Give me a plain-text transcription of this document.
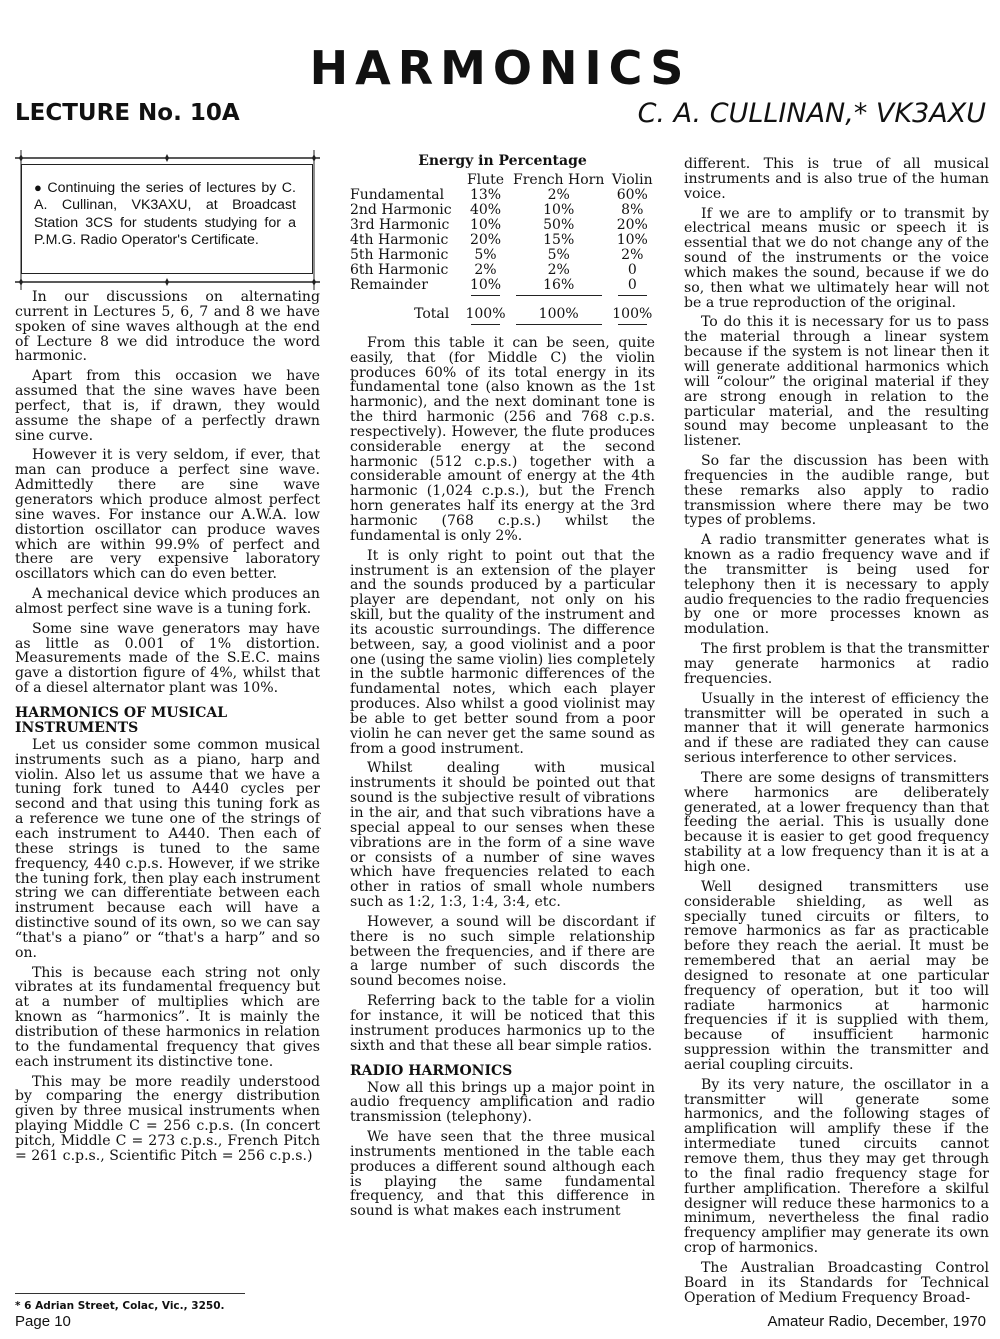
HARMONICS
LECTURE No. 10A	C. A. CULLINAN,* VK3AXU
● Continuing the series of lectures by C. A. Cullinan, VK3AXU, at Broadcast Station 3CS for students studying for a P.M.G. Radio Operator's Certificate.

In our discussions on alternating current in Lectures 5, 6, 7 and 8 we have spoken of sine waves although at the end of Lecture 8 we did introduce the word harmonic.

Apart from this occasion we have assumed that the sine waves have been perfect, that is, if drawn, they would assume the shape of a perfectly drawn sine curve.

However it is very seldom, if ever, that man can produce a perfect sine wave. Admittedly there are sine wave generators which produce almost perfect sine waves. For instance our A.W.A. low distortion oscillator can produce waves which are within 99.9% of perfect and there are very expensive laboratory oscillators which can do even better.

A mechanical device which produces an almost perfect sine wave is a tuning fork.

Some sine wave generators may have as little as 0.001 of 1% distortion. Measurements made of the S.E.C. mains gave a distortion figure of 4%, whilst that of a diesel alternator plant was 10%.

HARMONICS OF MUSICAL INSTRUMENTS

Let us consider some common musical instruments such as a piano, harp and violin. Also let us assume that we have a tuning fork tuned to A440 cycles per second and that using this tuning fork as a reference we tune one of the strings of each instrument to A440. Then each of these strings is tuned to the same frequency, 440 c.p.s. However, if we strike the tuning fork, then play each instrument string we can differentiate between each instrument because each will have a distinctive sound of its own, so we can say “that's a piano” or “that's a harp” and so on.

This is because each string not only vibrates at its fundamental frequency but at a number of multiplies which are known as “harmonics”. It is mainly the distribution of these harmonics in relation to the fundamental frequency that gives each instrument its distinctive tone.

This may be more readily understood by comparing the energy distribution given by three musical instruments when playing Middle C = 256 c.p.s. (In concert pitch, Middle C = 273 c.p.s., French Pitch = 261 c.p.s., Scientific Pitch = 256 c.p.s.)

Energy in Percentage
	Flute	French Horn	Violin
Fundamental	13%	2%	60%
2nd Harmonic	40%	10%	8%
3rd Harmonic	10%	50%	20%
4th Harmonic	20%	15%	10%
5th Harmonic	5%	5%	2%
6th Harmonic	2%	2%	0
Remainder	10%	16%	0

Total	100%	100%	100%

From this table it can be seen, quite easily, that (for Middle C) the violin produces 60% of its total energy in its fundamental tone (also known as the 1st harmonic), and the next dominant tone is the third harmonic (256 and 768 c.p.s. respectively). However, the flute produces considerable energy at the second harmonic (512 c.p.s.) together with a considerable amount of energy at the 4th harmonic (1,024 c.p.s.), but the French horn generates half its energy at the 3rd harmonic (768 c.p.s.) whilst the fundamental is only 2%.

It is only right to point out that the instrument is an extension of the player and the sounds produced by a particular player are dependant, not only on his skill, but the quality of the instrument and its acoustic surroundings. The difference between, say, a good violinist and a poor one (using the same violin) lies completely in the subtle harmonic differences of the fundamental notes, which each player produces. Also whilst a good violinist may be able to get better sound from a poor violin he can never get the same sound as from a good instrument.

Whilst dealing with musical instruments it should be pointed out that sound is the subjective result of vibrations in the air, and that such vibrations have a special appeal to our senses when these vibrations are in the form of a sine wave or consists of a number of sine waves which have frequencies related to each other in ratios of small whole numbers such as 1:2, 1:3, 1:4, 3:4, etc.

However, a sound will be discordant if there is no such simple relationship between the frequencies, and if there are a large number of such discords the sound becomes noise.

Referring back to the table for a violin for instance, it will be noticed that this instrument produces harmonics up to the sixth and that these all bear simple ratios.

RADIO HARMONICS

Now all this brings up a major point in audio frequency amplification and radio transmission (telephony).

We have seen that the three musical instruments mentioned in the table each produces a different sound although each is playing the same fundamental frequency, and that this difference in sound is what makes each instrument

different. This is true of all musical instruments and is also true of the human voice.

If we are to amplify or to transmit by electrical means music or speech it is essential that we do not change any of the sound of the instruments or the voice which makes the sound, because if we do so, then what we ultimately hear will not be a true reproduction of the original.

To do this it is necessary for us to pass the material through a linear system because if the system is not linear then it will generate additional harmonics which will “colour” the original material if they are strong enough in relation to the particular material, and the resulting sound may become unpleasant to the listener.

So far the discussion has been with frequencies in the audible range, but these remarks also apply to radio transmission where there may be two types of problems.

A radio transmitter generates what is known as a radio frequency wave and if the transmitter is being used for telephony then it is necessary to apply audio frequencies to the radio frequencies by one or more processes known as modulation.

The first problem is that the transmitter may generate harmonics at radio frequencies.

Usually in the interest of efficiency the transmitter will be operated in such a manner that it will generate harmonics and if these are radiated they can cause serious interference to other services.

There are some designs of transmitters where harmonics are deliberately generated, at a lower frequency than that feeding the aerial. This is usually done because it is easier to get good frequency stability at a low frequency than it is at a high one.

Well designed transmitters use considerable shielding, as well as specially tuned circuits or filters, to remove harmonics as far as practicable before they reach the aerial. It must be remembered that an aerial may be designed to resonate at one particular frequency of operation, but it too will radiate harmonics at harmonic frequencies if it is supplied with them, because of insufficient harmonic suppression within the transmitter and aerial coupling circuits.

By its very nature, the oscillator in a transmitter will generate some harmonics, and the following stages of amplification will amplify these if the intermediate tuned circuits cannot remove them, thus they may get through to the final radio frequency stage for further amplification. Therefore a skilful designer will reduce these harmonics to a minimum, nevertheless the final radio frequency amplifier may generate its own crop of harmonics.

The Australian Broadcasting Control Board in its Standards for Technical Operation of Medium Frequency Broad-

* 6 Adrian Street, Colac, Vic., 3250.
Page 10	Amateur Radio, December, 1970
